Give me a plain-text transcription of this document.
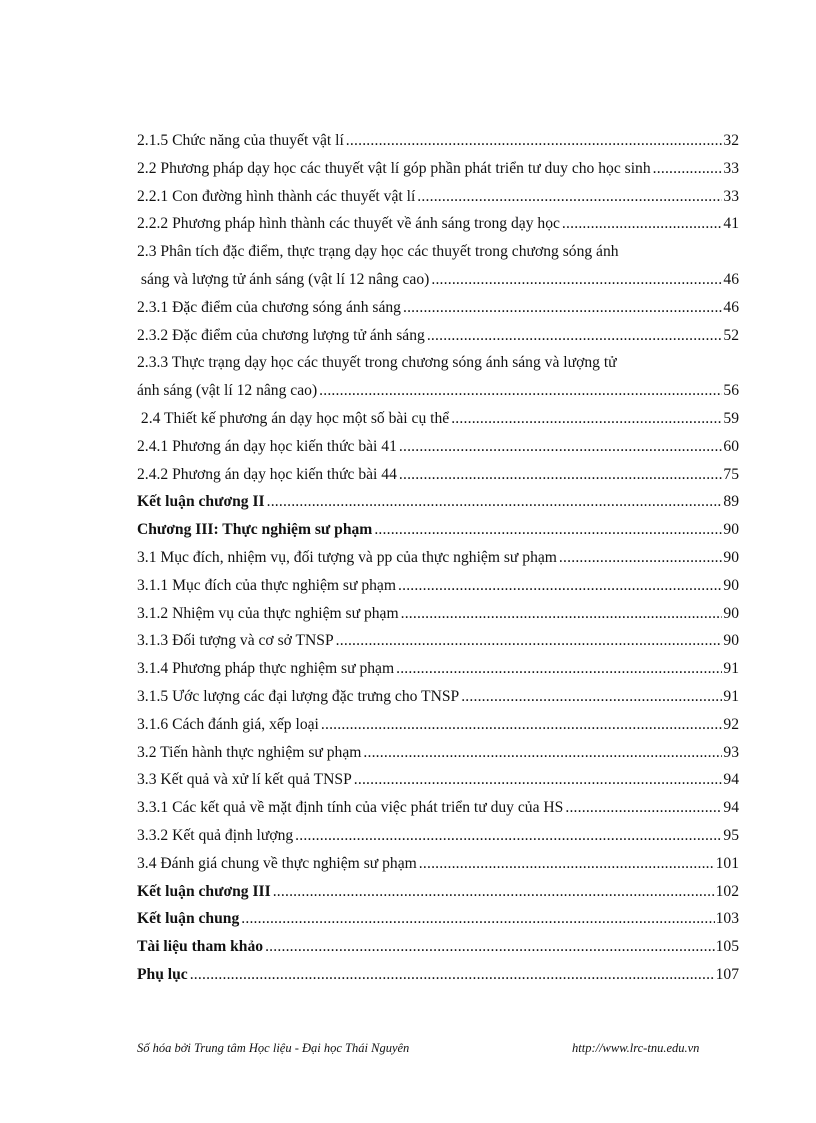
2.1.5 Chức năng của thuyết vật lí .....	32
2.2 Phương pháp dạy học các thuyết vật lí góp phần phát triển tư duy cho học sinh .....	33
2.2.1 Con đường hình thành các thuyết vật lí .....	33
2.2.2 Phương pháp hình thành các thuyết về ánh sáng trong dạy học .....	41
2.3 Phân tích đặc điểm, thực trạng dạy học các thuyết trong chương sóng ánh
sáng và lượng tử ánh sáng (vật lí 12 nâng cao) .....	46
2.3.1 Đặc điểm của chương sóng ánh sáng .....	46
2.3.2 Đặc điểm của chương lượng tử ánh sáng .....	52
2.3.3 Thực trạng dạy học các thuyết trong chương sóng ánh sáng và lượng tử
ánh sáng (vật lí 12 nâng cao) .....	56
2.4 Thiết kế phương án dạy học một số bài cụ thể .....	59
2.4.1 Phương án dạy học kiến thức bài 41 .....	60
2.4.2 Phương án dạy học kiến thức bài 44 .....	75
Kết luận chương II .....	89
Chương III: Thực nghiệm sư phạm .....	90
3.1 Mục đích, nhiệm vụ, đối tượng và pp của thực nghiệm sư phạm .....	90
3.1.1 Mục đích của thực nghiệm sư phạm .....	90
3.1.2 Nhiệm vụ của thực nghiệm sư phạm .....	90
3.1.3 Đối tượng và cơ sở TNSP .....	90
3.1.4 Phương pháp thực nghiệm sư phạm .....	91
3.1.5 Ước lượng các đại lượng đặc trưng cho TNSP .....	91
3.1.6 Cách đánh giá, xếp loại .....	92
3.2 Tiến hành thực nghiệm sư phạm .....	93
3.3 Kết quả và xử lí kết quả TNSP .....	94
3.3.1 Các kết quả về mặt định tính của việc phát triển tư duy của HS .....	94
3.3.2 Kết quả định lượng .....	95
3.4 Đánh giá chung về thực nghiệm sư phạm .....	101
Kết luận chương III .....	102
Kết luận chung .....	103
Tài liệu tham khảo .....	105
Phụ lục .....	107
Số hóa bởi Trung tâm Học liệu - Đại học Thái Nguyên	http://www.lrc-tnu.edu.vn
